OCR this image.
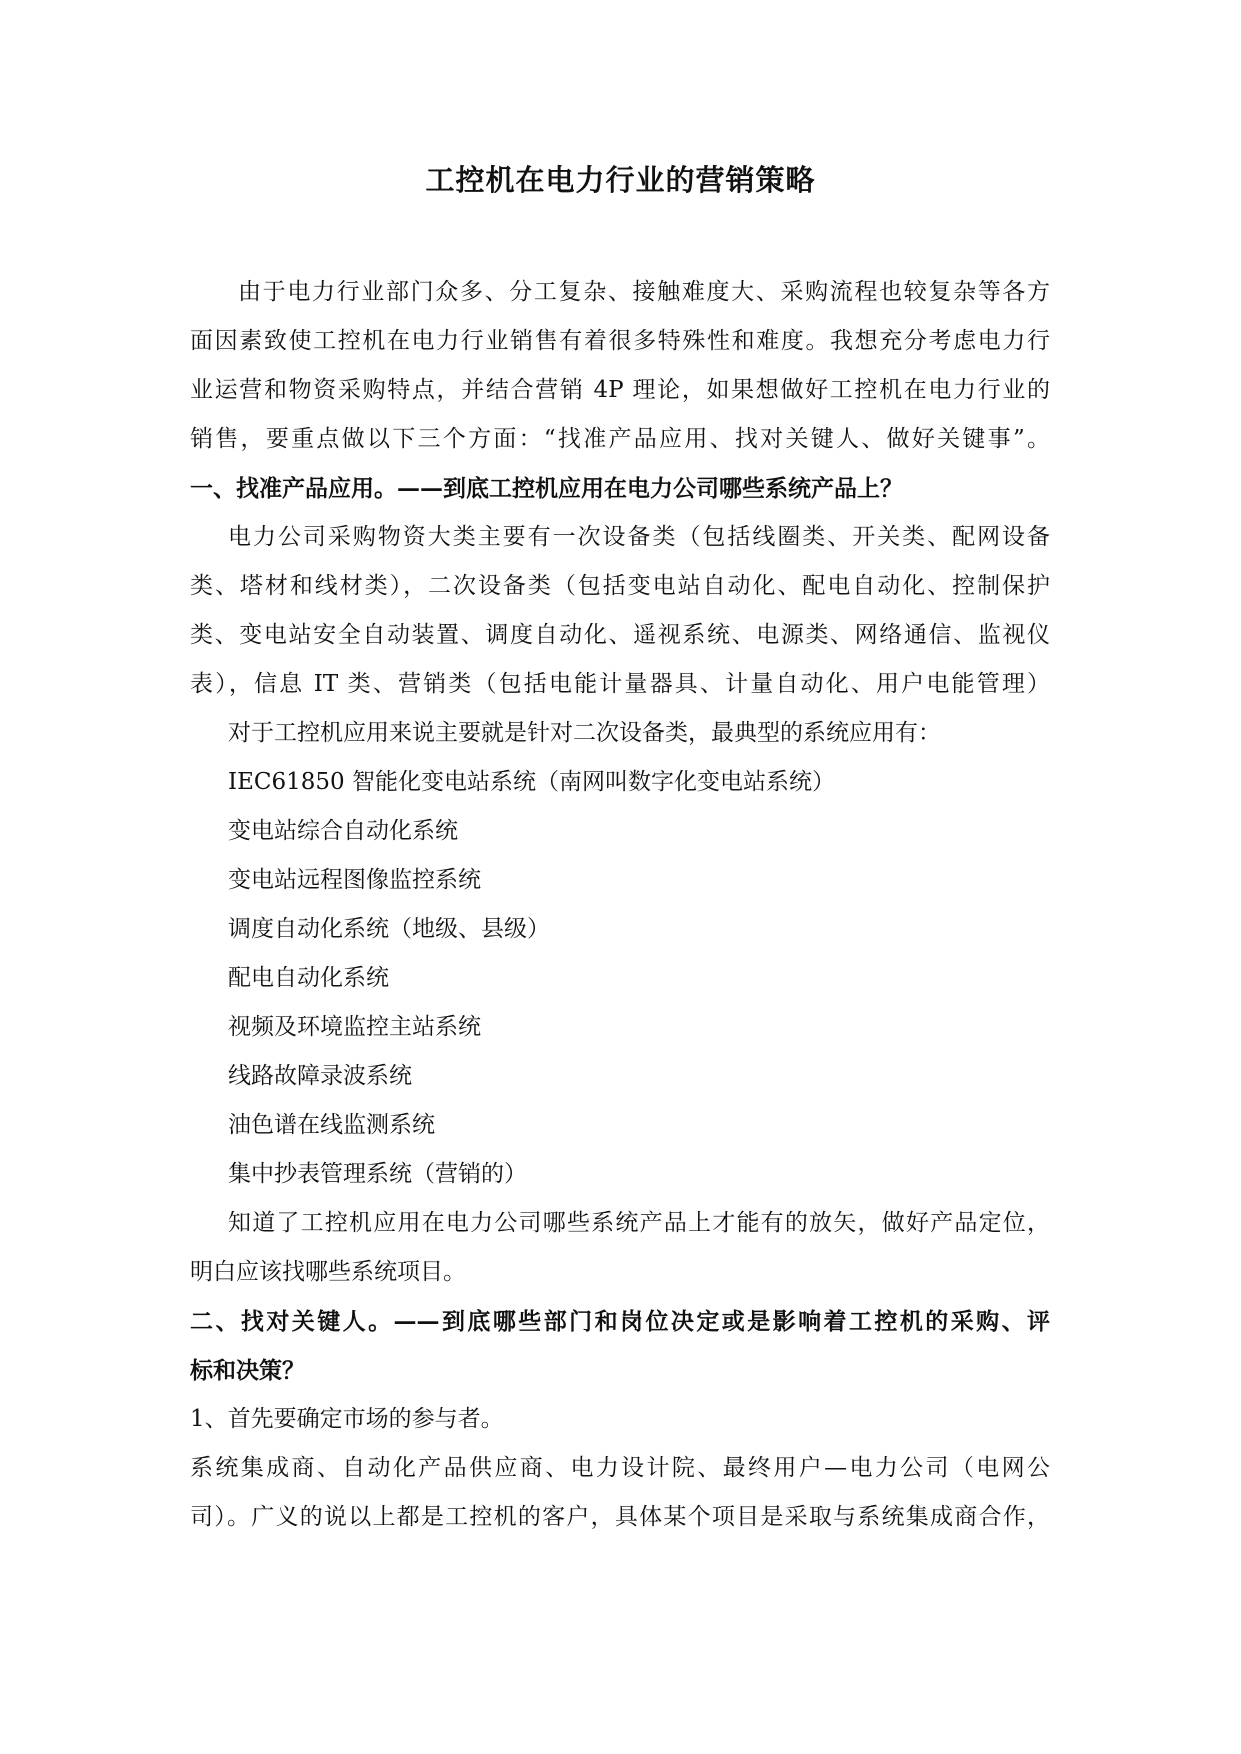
工控机在电力行业的营销策略
由于电力行业部门众多、分工复杂、接触难度大、采购流程也较复杂等各方
面因素致使工控机在电力行业销售有着很多特殊性和难度。我想充分考虑电力行
业运营和物资采购特点，并结合营销 4P 理论，如果想做好工控机在电力行业的
销售，要重点做以下三个方面：“找准产品应用、找对关键人、做好关键事”。
一、找准产品应用。——到底工控机应用在电力公司哪些系统产品上？
电力公司采购物资大类主要有一次设备类（包括线圈类、开关类、配网设备
类、塔材和线材类），二次设备类（包括变电站自动化、配电自动化、控制保护
类、变电站安全自动装置、调度自动化、遥视系统、电源类、网络通信、监视仪
表），信息 IT 类、营销类（包括电能计量器具、计量自动化、用户电能管理）
对于工控机应用来说主要就是针对二次设备类，最典型的系统应用有：
IEC61850 智能化变电站系统（南网叫数字化变电站系统）
变电站综合自动化系统
变电站远程图像监控系统
调度自动化系统（地级、县级）
配电自动化系统
视频及环境监控主站系统
线路故障录波系统
油色谱在线监测系统
集中抄表管理系统（营销的）
知道了工控机应用在电力公司哪些系统产品上才能有的放矢，做好产品定位，
明白应该找哪些系统项目。
二、找对关键人。——到底哪些部门和岗位决定或是影响着工控机的采购、评
标和决策？
1、首先要确定市场的参与者。
系统集成商、自动化产品供应商、电力设计院、最终用户—电力公司（电网公
司）。广义的说以上都是工控机的客户，具体某个项目是采取与系统集成商合作，
